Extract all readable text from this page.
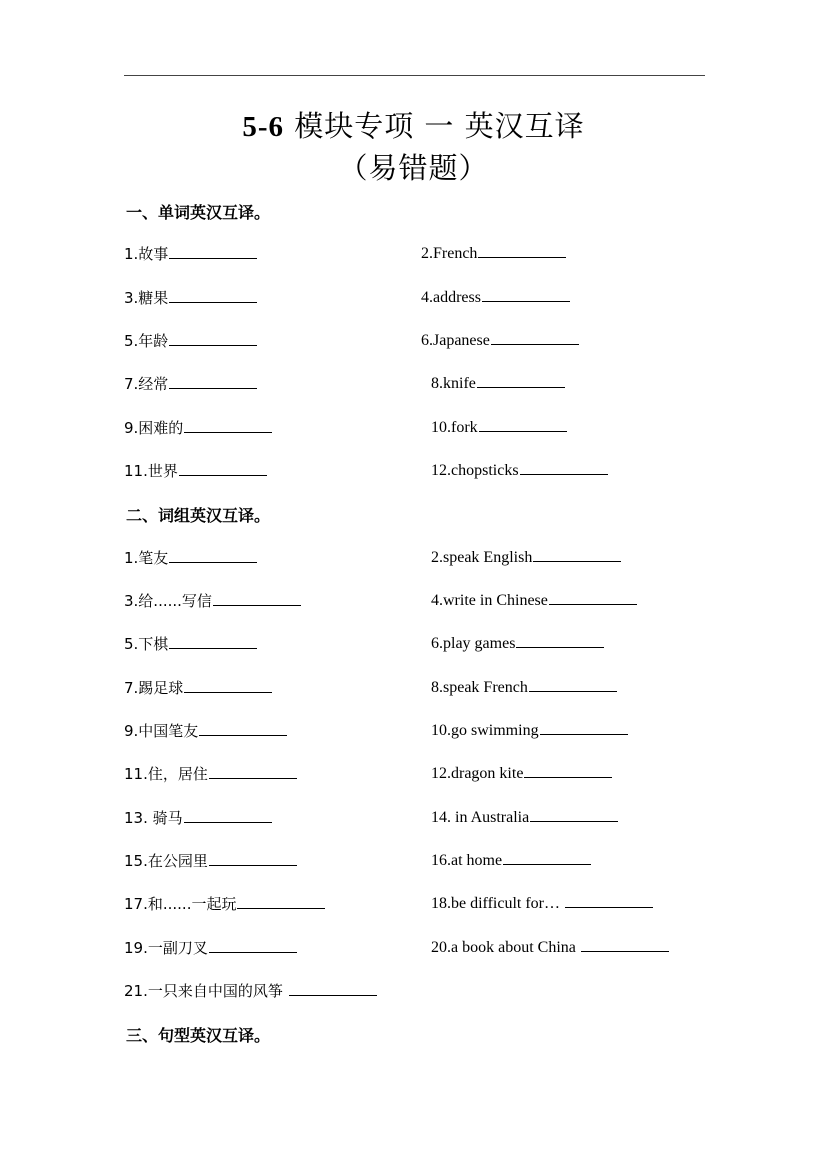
5-6 模块专项 一 英汉互译
（易错题）
一、单词英汉互译。
1.故事	2.French
3.糖果	4.address
5.年龄	6.Japanese
7.经常	8.knife
9.困难的	10.fork
11.世界	12.chopsticks
二、词组英汉互译。
1.笔友	2.speak English
3.给......写信	4.write in Chinese
5.下棋	6.play games
7.踢足球	8.speak French
9.中国笔友	10.go swimming
11.住，居住	12.dragon kite
13. 骑马	14. in Australia
15.在公园里	16.at home
17.和......一起玩	18.be difficult for…
19.一副刀叉	20.a book about China
21.一只来自中国的风筝
三、句型英汉互译。
